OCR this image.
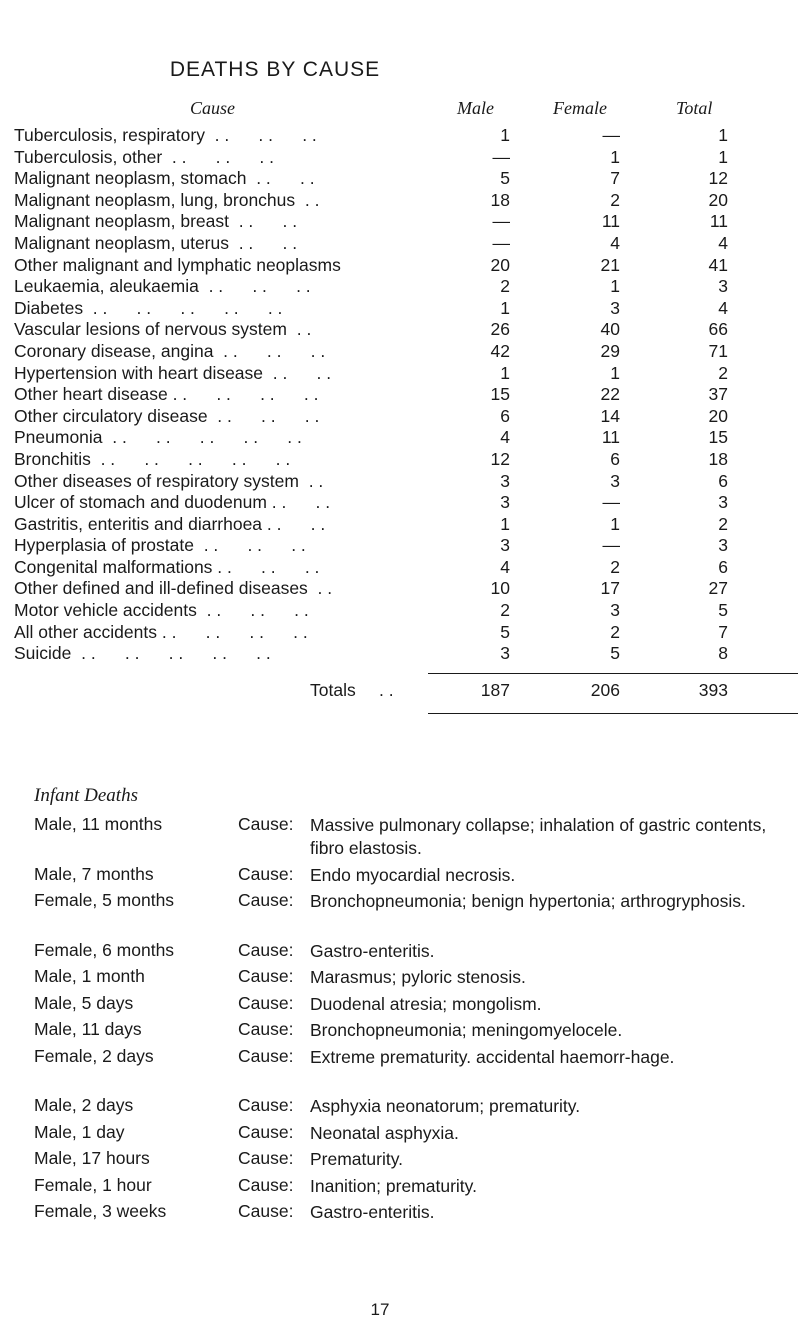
DEATHS BY CAUSE
Cause	Male	Female	Total
Tuberculosis, respiratory  . .      . .      . .	1	—	1
Tuberculosis, other  . .      . .      . .	—	1	1
Malignant neoplasm, stomach  . .      . .	5	7	12
Malignant neoplasm, lung, bronchus  . .	18	2	20
Malignant neoplasm, breast  . .      . .	—	11	11
Malignant neoplasm, uterus  . .      . .	—	4	4
Other malignant and lymphatic neoplasms	20	21	41
Leukaemia, aleukaemia  . .      . .      . .	2	1	3
Diabetes  . .      . .      . .      . .      . .	1	3	4
Vascular lesions of nervous system  . .	26	40	66
Coronary disease, angina  . .      . .      . .	42	29	71
Hypertension with heart disease  . .      . .	1	1	2
Other heart disease . .      . .      . .      . .	15	22	37
Other circulatory disease  . .      . .      . .	6	14	20
Pneumonia  . .      . .      . .      . .      . .	4	11	15
Bronchitis  . .      . .      . .      . .      . .	12	6	18
Other diseases of respiratory system  . .	3	3	6
Ulcer of stomach and duodenum . .      . .	3	—	3
Gastritis, enteritis and diarrhoea . .      . .	1	1	2
Hyperplasia of prostate  . .      . .      . .	3	—	3
Congenital malformations . .      . .      . .	4	2	6
Other defined and ill-defined diseases  . .	10	17	27
Motor vehicle accidents  . .      . .      . .	2	3	5
All other accidents . .      . .      . .      . .	5	2	7
Suicide  . .      . .      . .      . .      . .	3	5	8
Totals . .	187	206	393
Infant Deaths
Male, 11 months	Cause: Massive pulmonary collapse; inhalation of gastric contents, fibro elastosis.
Male, 7 months	Cause: Endo myocardial necrosis.
Female, 5 months	Cause: Bronchopneumonia; benign hypertonia; arthrogryphosis.
Female, 6 months	Cause: Gastro-enteritis.
Male, 1 month	Cause: Marasmus; pyloric stenosis.
Male, 5 days	Cause: Duodenal atresia; mongolism.
Male, 11 days	Cause: Bronchopneumonia; meningomyelocele.
Female, 2 days	Cause: Extreme prematurity. accidental haemorr-hage.
Male, 2 days	Cause: Asphyxia neonatorum; prematurity.
Male, 1 day	Cause: Neonatal asphyxia.
Male, 17 hours	Cause: Prematurity.
Female, 1 hour	Cause: Inanition; prematurity.
Female, 3 weeks	Cause: Gastro-enteritis.
17
